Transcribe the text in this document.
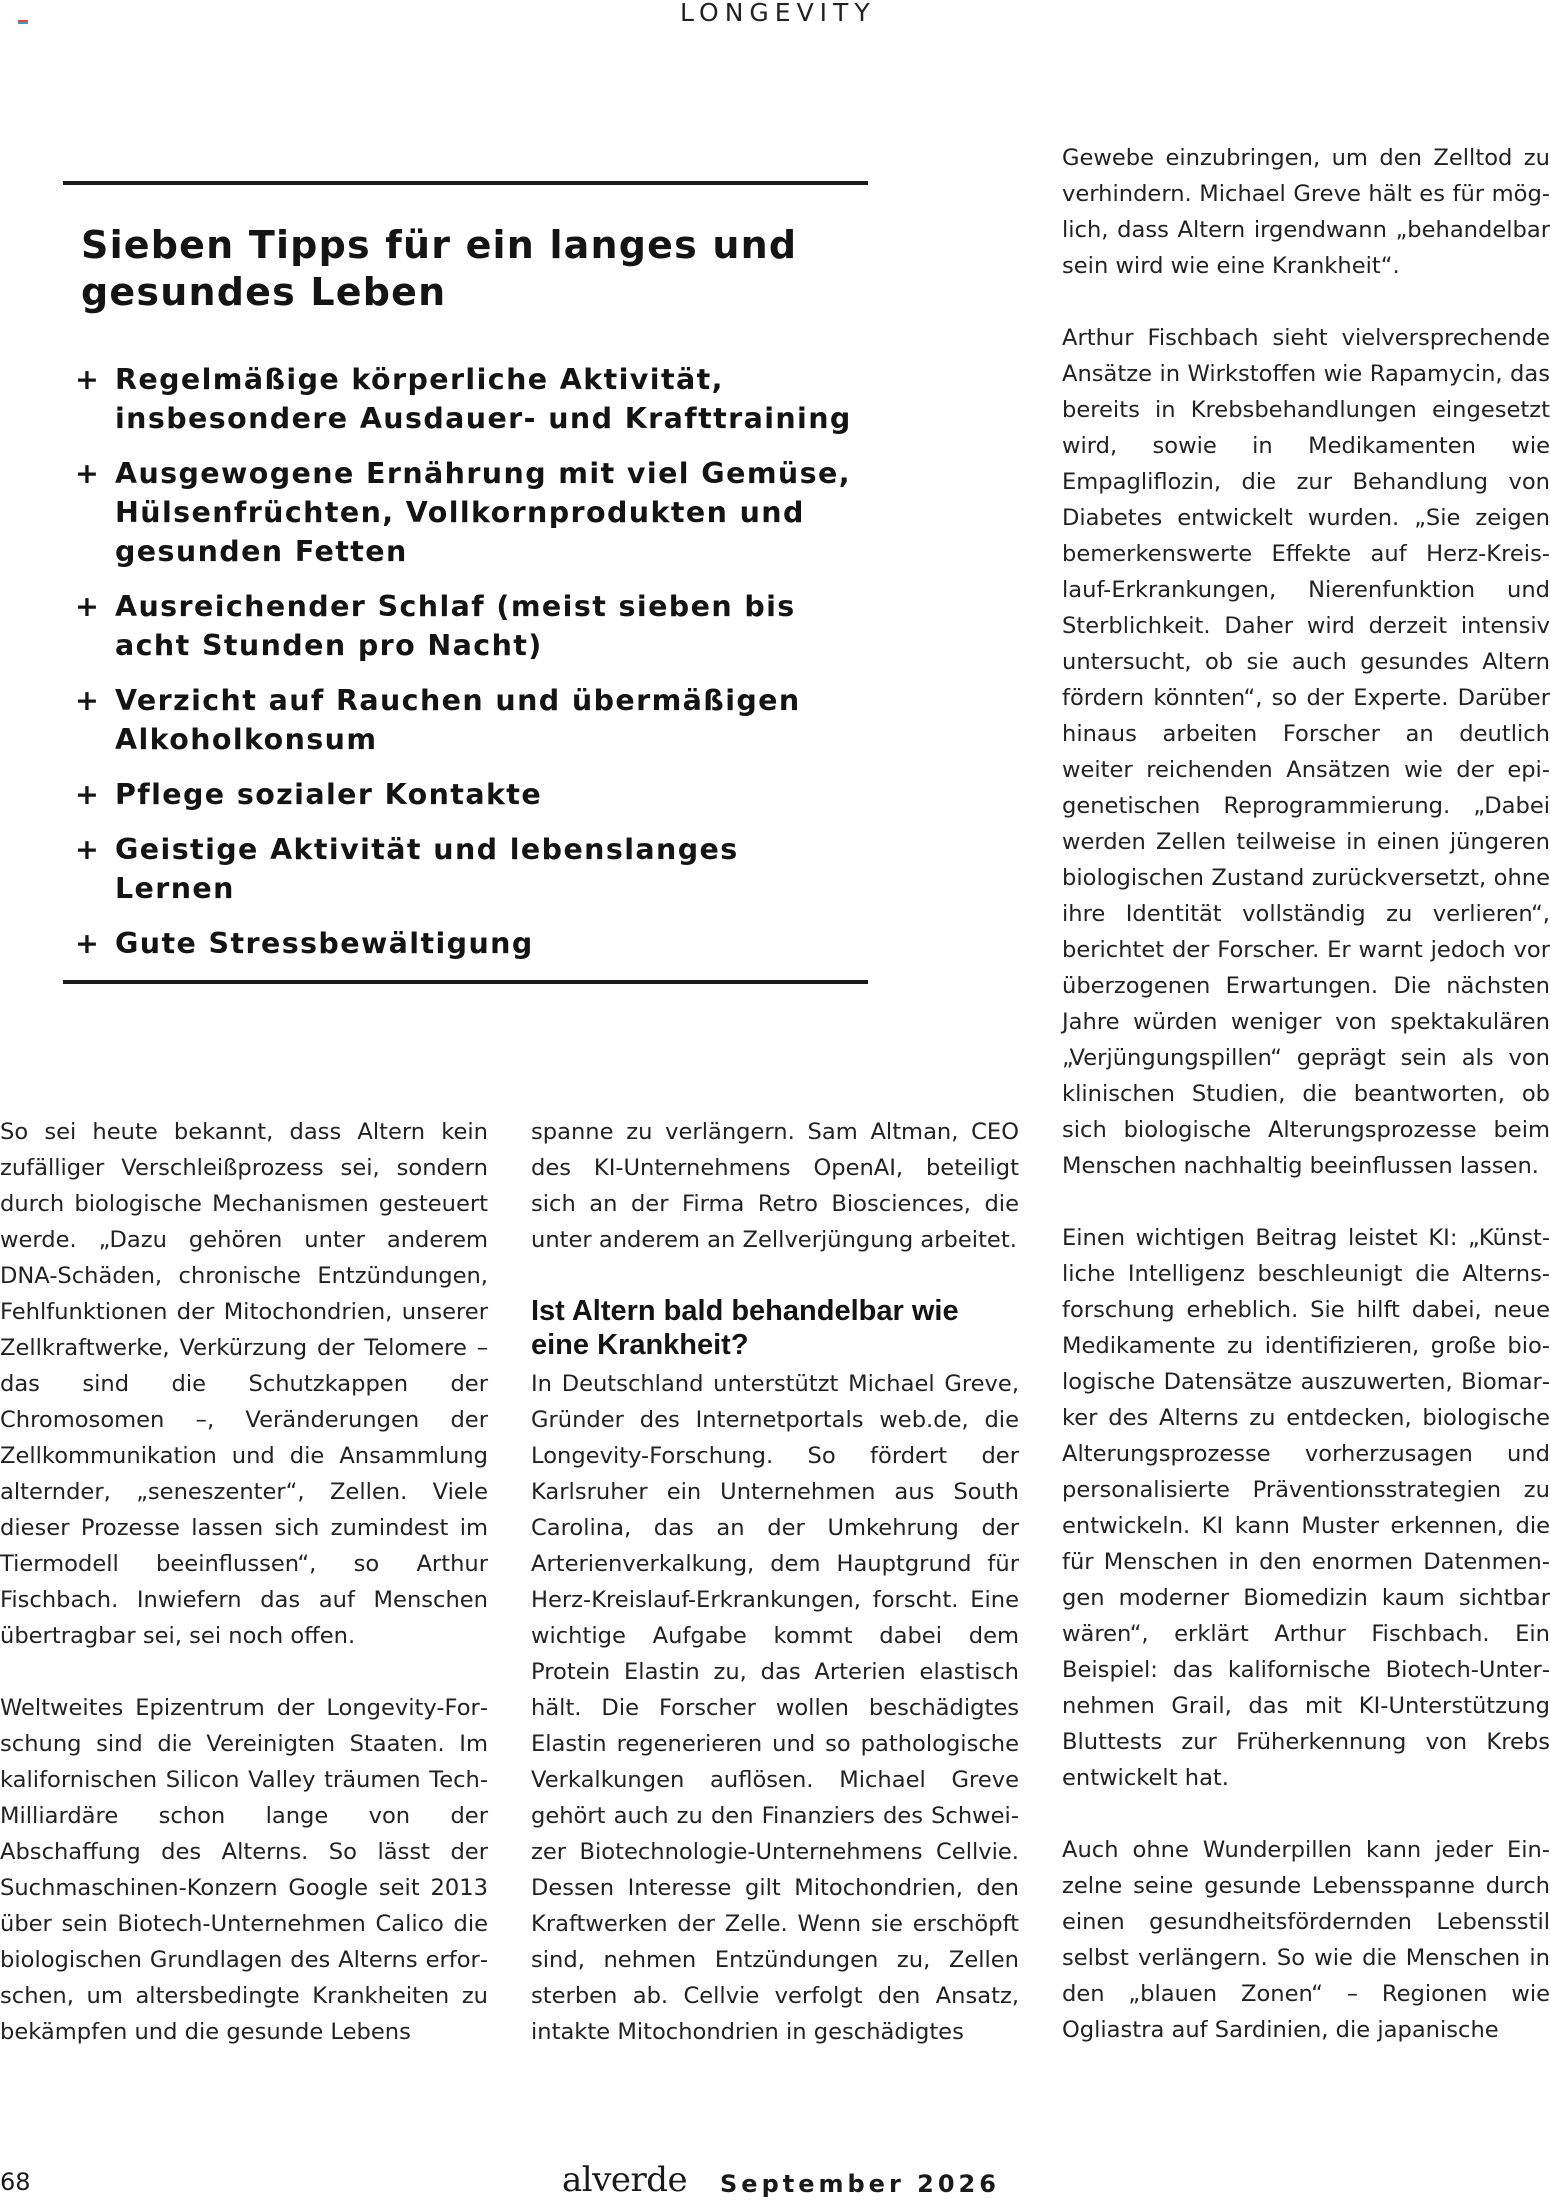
LONGEVITY
Sieben Tipps für ein langes und gesundes Leben
+ Regelmäßige körperliche Aktivität, insbesondere Ausdauer- und Krafttraining
+ Ausgewogene Ernährung mit viel Gemüse, Hülsenfrüchten, Vollkornprodukten und gesunden Fetten
+ Ausreichender Schlaf (meist sieben bis acht Stunden pro Nacht)
+ Verzicht auf Rauchen und übermäßigen Alkoholkonsum
+ Pflege sozialer Kontakte
+ Geistige Aktivität und lebenslanges Lernen
+ Gute Stressbewältigung

So sei heute bekannt, dass Altern kein zufälliger Verschleißprozess sei, sondern durch biologische Mechanismen gesteuert werde. „Dazu gehören unter anderem DNA-Schäden, chronische Entzündungen, Fehlfunktionen der Mitochondrien, unserer Zellkraftwerke, Verkürzung der Telomere – das sind die Schutzkappen der Chromosomen –, Veränderungen der Zellkommunikation und die Ansammlung alternder, „seneszenter“, Zellen. Viele dieser Prozesse lassen sich zumindest im Tiermodell beeinflussen“, so Arthur Fischbach. Inwiefern das auf Menschen übertragbar sei, sei noch offen.

Weltweites Epizentrum der Longevity-Forschung sind die Vereinigten Staaten. Im kalifornischen Silicon Valley träumen Tech-Milliardäre schon lange von der Abschaffung des Alterns. So lässt der Suchmaschinen-Konzern Google seit 2013 über sein Biotech-Unternehmen Calico die biologischen Grundlagen des Alterns erforschen, um altersbedingte Krankheiten zu bekämpfen und die gesunde Lebens

spanne zu verlängern. Sam Altman, CEO des KI-Unternehmens OpenAI, beteiligt sich an der Firma Retro Biosciences, die unter anderem an Zellverjüngung arbeitet.

Ist Altern bald behandelbar wie eine Krankheit?

In Deutschland unterstützt Michael Greve, Gründer des Internetportals web.de, die Longevity-Forschung. So fördert der Karlsruher ein Unternehmen aus South Carolina, das an der Umkehrung der Arterienverkalkung, dem Hauptgrund für Herz-Kreislauf-Erkrankungen, forscht. Eine wichtige Aufgabe kommt dabei dem Protein Elastin zu, das Arterien elastisch hält. Die Forscher wollen beschädigtes Elastin regenerieren und so pathologische Verkalkungen auflösen. Michael Greve gehört auch zu den Finanziers des Schweizer Biotechnologie-Unternehmens Cellvie. Dessen Interesse gilt Mitochondrien, den Kraftwerken der Zelle. Wenn sie erschöpft sind, nehmen Entzündungen zu, Zellen sterben ab. Cellvie verfolgt den Ansatz, intakte Mitochondrien in geschädigtes

Gewebe einzubringen, um den Zelltod zu verhindern. Michael Greve hält es für möglich, dass Altern irgendwann „behandelbar sein wird wie eine Krankheit“.

Arthur Fischbach sieht vielversprechende Ansätze in Wirkstoffen wie Rapamycin, das bereits in Krebsbehandlungen eingesetzt wird, sowie in Medikamenten wie Empagliflozin, die zur Behandlung von Diabetes entwickelt wurden. „Sie zeigen bemerkenswerte Effekte auf Herz-Kreislauf-Erkrankungen, Nierenfunktion und Sterblichkeit. Daher wird derzeit intensiv untersucht, ob sie auch gesundes Altern fördern könnten“, so der Experte. Darüber hinaus arbeiten Forscher an deutlich weiter reichenden Ansätzen wie der epigenetischen Reprogrammierung. „Dabei werden Zellen teilweise in einen jüngeren biologischen Zustand zurückversetzt, ohne ihre Identität vollständig zu verlieren“, berichtet der Forscher. Er warnt jedoch vor überzogenen Erwartungen. Die nächsten Jahre würden weniger von spektakulären „Verjüngungspillen“ geprägt sein als von klinischen Studien, die beantworten, ob sich biologische Alterungsprozesse beim Menschen nachhaltig beeinflussen lassen.

Einen wichtigen Beitrag leistet KI: „Künstliche Intelligenz beschleunigt die Alternsforschung erheblich. Sie hilft dabei, neue Medikamente zu identifizieren, große biologische Datensätze auszuwerten, Biomarker des Alterns zu entdecken, biologische Alterungsprozesse vorherzusagen und personalisierte Präventionsstrategien zu entwickeln. KI kann Muster erkennen, die für Menschen in den enormen Datenmengen moderner Biomedizin kaum sichtbar wären“, erklärt Arthur Fischbach. Ein Beispiel: das kalifornische Biotech-Unternehmen Grail, das mit KI-Unterstützung Bluttests zur Früherkennung von Krebs entwickelt hat.

Auch ohne Wunderpillen kann jeder Einzelne seine gesunde Lebensspanne durch einen gesundheitsfördernden Lebensstil selbst verlängern. So wie die Menschen in den „blauen Zonen“ – Regionen wie Ogliastra auf Sardinien, die japanische

68	alverde September 2026
